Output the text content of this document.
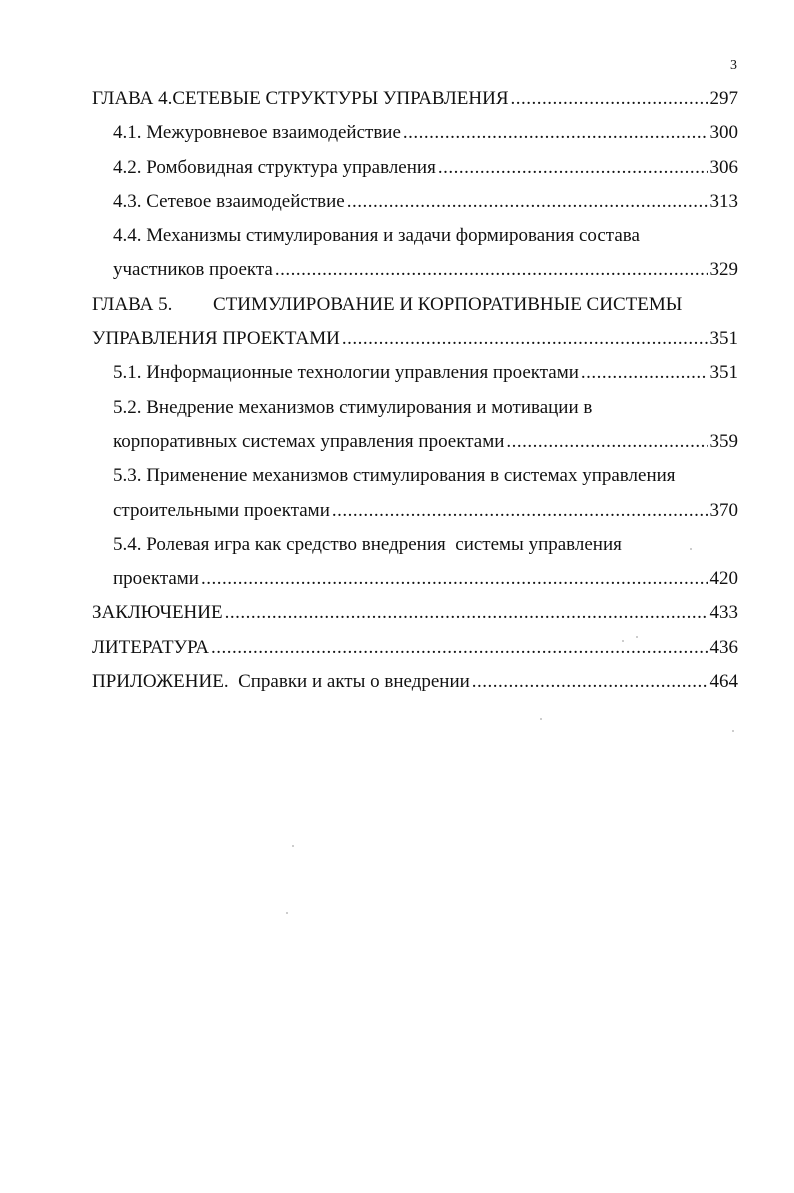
3
ГЛАВА 4. СЕТЕВЫЕ СТРУКТУРЫ УПРАВЛЕНИЯ .....	297
4.1. Межуровневое взаимодействие .....	300
4.2. Ромбовидная структура управления .....	306
4.3. Сетевое взаимодействие .....	313
4.4. Механизмы стимулирования и задачи формирования состава
участников проекта .....	329
ГЛАВА 5.	СТИМУЛИРОВАНИЕ И КОРПОРАТИВНЫЕ СИСТЕМЫ
УПРАВЛЕНИЯ ПРОЕКТАМИ .....	351
5.1. Информационные технологии управления проектами .....	351
5.2. Внедрение механизмов стимулирования и мотивации в
корпоративных системах управления проектами .....	359
5.3. Применение механизмов стимулирования в системах управления
строительными проектами .....	370
5.4. Ролевая игра как средство внедрения  системы управления
проектами .....	420
ЗАКЛЮЧЕНИЕ .....	433
ЛИТЕРАТУРА .....	436
ПРИЛОЖЕНИЕ.  Справки и акты о внедрении .....	464
